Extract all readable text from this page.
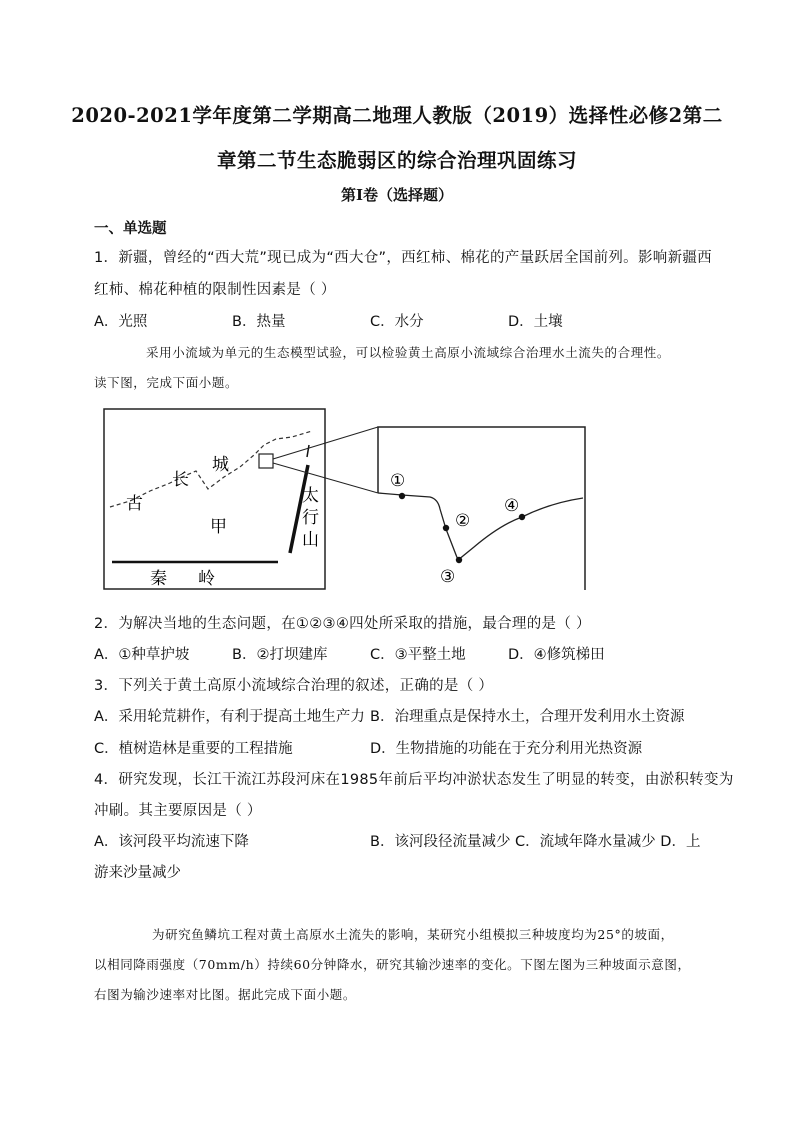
2020-2021学年度第二学期高二地理人教版（2019）选择性必修2第二
章第二节生态脆弱区的综合治理巩固练习
第I卷（选择题）
一、单选题
1．新疆，曾经的“西大荒”现已成为“西大仓”，西红柿、棉花的产量跃居全国前列。影响新疆西
红柿、棉花种植的限制性因素是（ ）
A．光照	B．热量	C．水分	D．土壤
采用小流域为单元的生态模型试验，可以检验黄土高原小流域综合治理水土流失的合理性。
读下图，完成下面小题。
古
长
城
甲
太
行
山
秦 岭
①
②
③
④
2．为解决当地的生态问题，在①②③④四处所采取的措施，最合理的是（ ）
A．①种草护坡	B．②打坝建库	C．③平整土地	D．④修筑梯田
3．下列关于黄土高原小流域综合治理的叙述，正确的是（ ）
A．采用轮荒耕作，有利于提高土地生产力 B．治理重点是保持水土，合理开发利用水土资源
C．植树造林是重要的工程措施	D．生物措施的功能在于充分利用光热资源
4．研究发现，长江干流江苏段河床在1985年前后平均冲淤状态发生了明显的转变，由淤积转变为
冲刷。其主要原因是（ ）
A．该河段平均流速下降	B．该河段径流量减少 C．流域年降水量减少 D．上
游来沙量减少
为研究鱼鳞坑工程对黄土高原水土流失的影响，某研究小组模拟三种坡度均为25°的坡面，
以相同降雨强度（70mm/h）持续60分钟降水，研究其输沙速率的变化。下图左图为三种坡面示意图，
右图为输沙速率对比图。据此完成下面小题。
